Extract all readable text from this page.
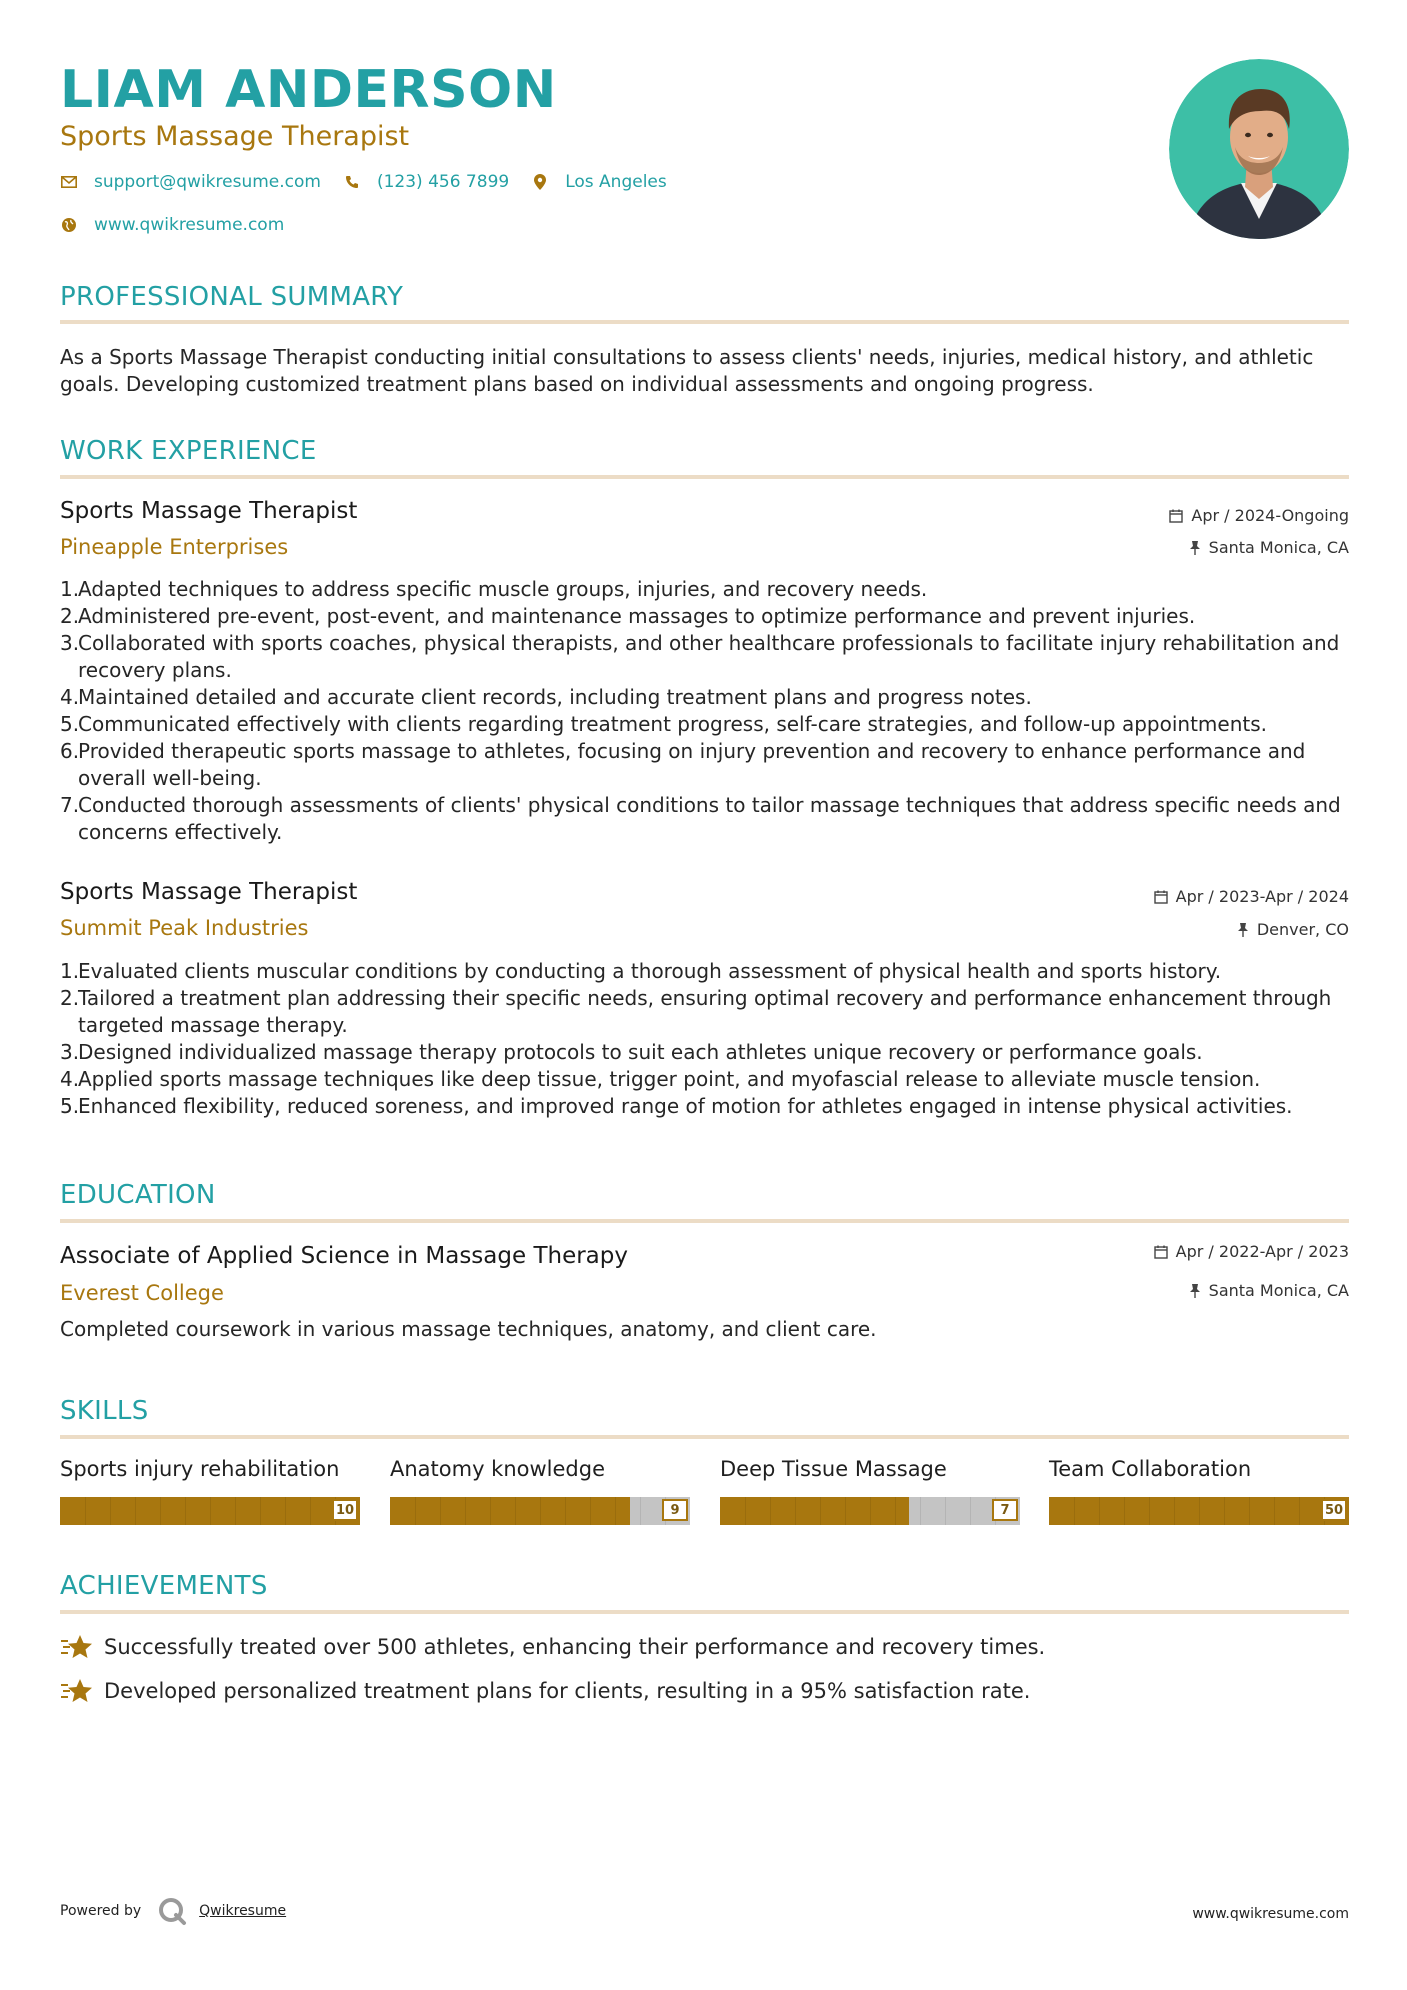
LIAM ANDERSON
Sports Massage Therapist
support@qwikresume.com	(123) 456 7899	Los Angeles
www.qwikresume.com
PROFESSIONAL SUMMARY
As a Sports Massage Therapist conducting initial consultations to assess clients' needs, injuries, medical history, and athletic goals. Developing customized treatment plans based on individual assessments and ongoing progress.
WORK EXPERIENCE
Sports Massage Therapist
Pineapple Enterprises
Apr / 2024-Ongoing
Santa Monica, CA
1.
Adapted techniques to address specific muscle groups, injuries, and recovery needs.
2.
Administered pre-event, post-event, and maintenance massages to optimize performance and prevent injuries.
3.
Collaborated with sports coaches, physical therapists, and other healthcare professionals to facilitate injury rehabilitation and recovery plans.
4.
Maintained detailed and accurate client records, including treatment plans and progress notes.
5.
Communicated effectively with clients regarding treatment progress, self-care strategies, and follow-up appointments.
6.
Provided therapeutic sports massage to athletes, focusing on injury prevention and recovery to enhance performance and overall well-being.
7.
Conducted thorough assessments of clients' physical conditions to tailor massage techniques that address specific needs and concerns effectively.
Sports Massage Therapist
Summit Peak Industries
Apr / 2023-Apr / 2024
Denver, CO
1.
Evaluated clients muscular conditions by conducting a thorough assessment of physical health and sports history.
2.
Tailored a treatment plan addressing their specific needs, ensuring optimal recovery and performance enhancement through targeted massage therapy.
3.
Designed individualized massage therapy protocols to suit each athletes unique recovery or performance goals.
4.
Applied sports massage techniques like deep tissue, trigger point, and myofascial release to alleviate muscle tension.
5.
Enhanced flexibility, reduced soreness, and improved range of motion for athletes engaged in intense physical activities.
EDUCATION
Associate of Applied Science in Massage Therapy
Everest College
Apr / 2022-Apr / 2023
Santa Monica, CA
Completed coursework in various massage techniques, anatomy, and client care.
SKILLS
Sports injury rehabilitation
10
Anatomy knowledge
9
Deep Tissue Massage
7
Team Collaboration
50
ACHIEVEMENTS
Successfully treated over 500 athletes, enhancing their performance and recovery times.
Developed personalized treatment plans for clients, resulting in a 95% satisfaction rate.
Powered by	Qwikresume	www.qwikresume.com
